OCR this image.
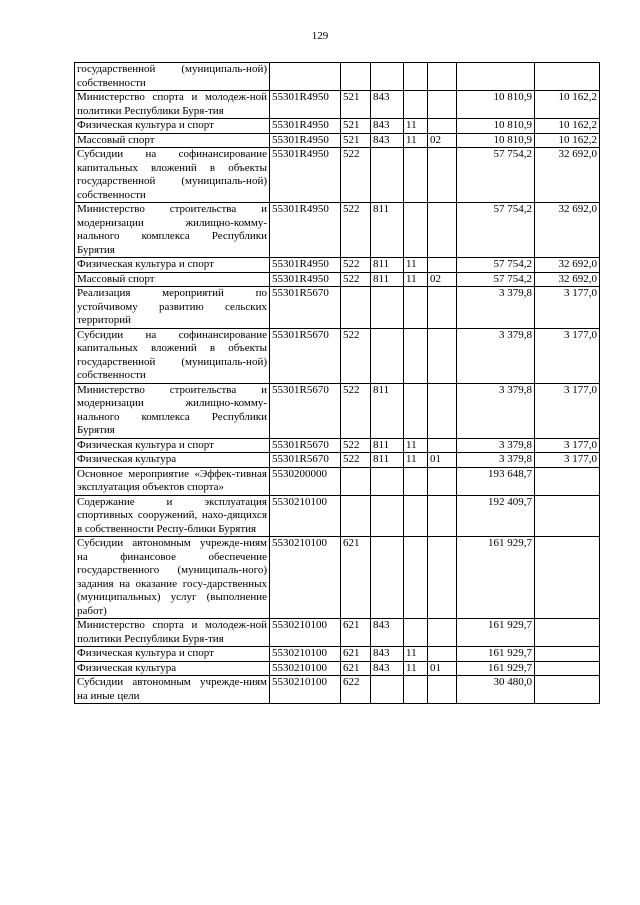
129
государственной (муниципаль-ной) собственности							
Министерство спорта и молодеж-ной политики Республики Буря-тия	55301R4950	521	843			10 810,9	10 162,2
Физическая культура и спорт	55301R4950	521	843	11		10 810,9	10 162,2
Массовый спорт	55301R4950	521	843	11	02	10 810,9	10 162,2
Субсидии на софинансирование капитальных вложений в объекты государственной (муниципаль-ной) собственности	55301R4950	522				57 754,2	32 692,0
Министерство строительства и модернизации жилищно-комму-нального комплекса Республики Бурятия	55301R4950	522	811			57 754,2	32 692,0
Физическая культура и спорт	55301R4950	522	811	11		57 754,2	32 692,0
Массовый спорт	55301R4950	522	811	11	02	57 754,2	32 692,0
Реализация мероприятий по устойчивому развитию сельских территорий	55301R5670					3 379,8	3 177,0
Субсидии на софинансирование капитальных вложений в объекты государственной (муниципаль-ной) собственности	55301R5670	522				3 379,8	3 177,0
Министерство строительства и модернизации жилищно-комму-нального комплекса Республики Бурятия	55301R5670	522	811			3 379,8	3 177,0
Физическая культура и спорт	55301R5670	522	811	11		3 379,8	3 177,0
Физическая культура	55301R5670	522	811	11	01	3 379,8	3 177,0
Основное мероприятие «Эффек-тивная эксплуатация объектов спорта»	5530200000					193 648,7	
Содержание и эксплуатация спортивных сооружений, нахо-дящихся в собственности Респу-блики Бурятия	5530210100					192 409,7	
Субсидии автономным учрежде-ниям на финансовое обеспечение государственного (муниципаль-ного) задания на оказание госу-дарственных (муниципальных) услуг (выполнение работ)	5530210100	621				161 929,7	
Министерство спорта и молодеж-ной политики Республики Буря-тия	5530210100	621	843			161 929,7	
Физическая культура и спорт	5530210100	621	843	11		161 929,7	
Физическая культура	5530210100	621	843	11	01	161 929,7	
Субсидии автономным учрежде-ниям на иные цели	5530210100	622				30 480,0	
